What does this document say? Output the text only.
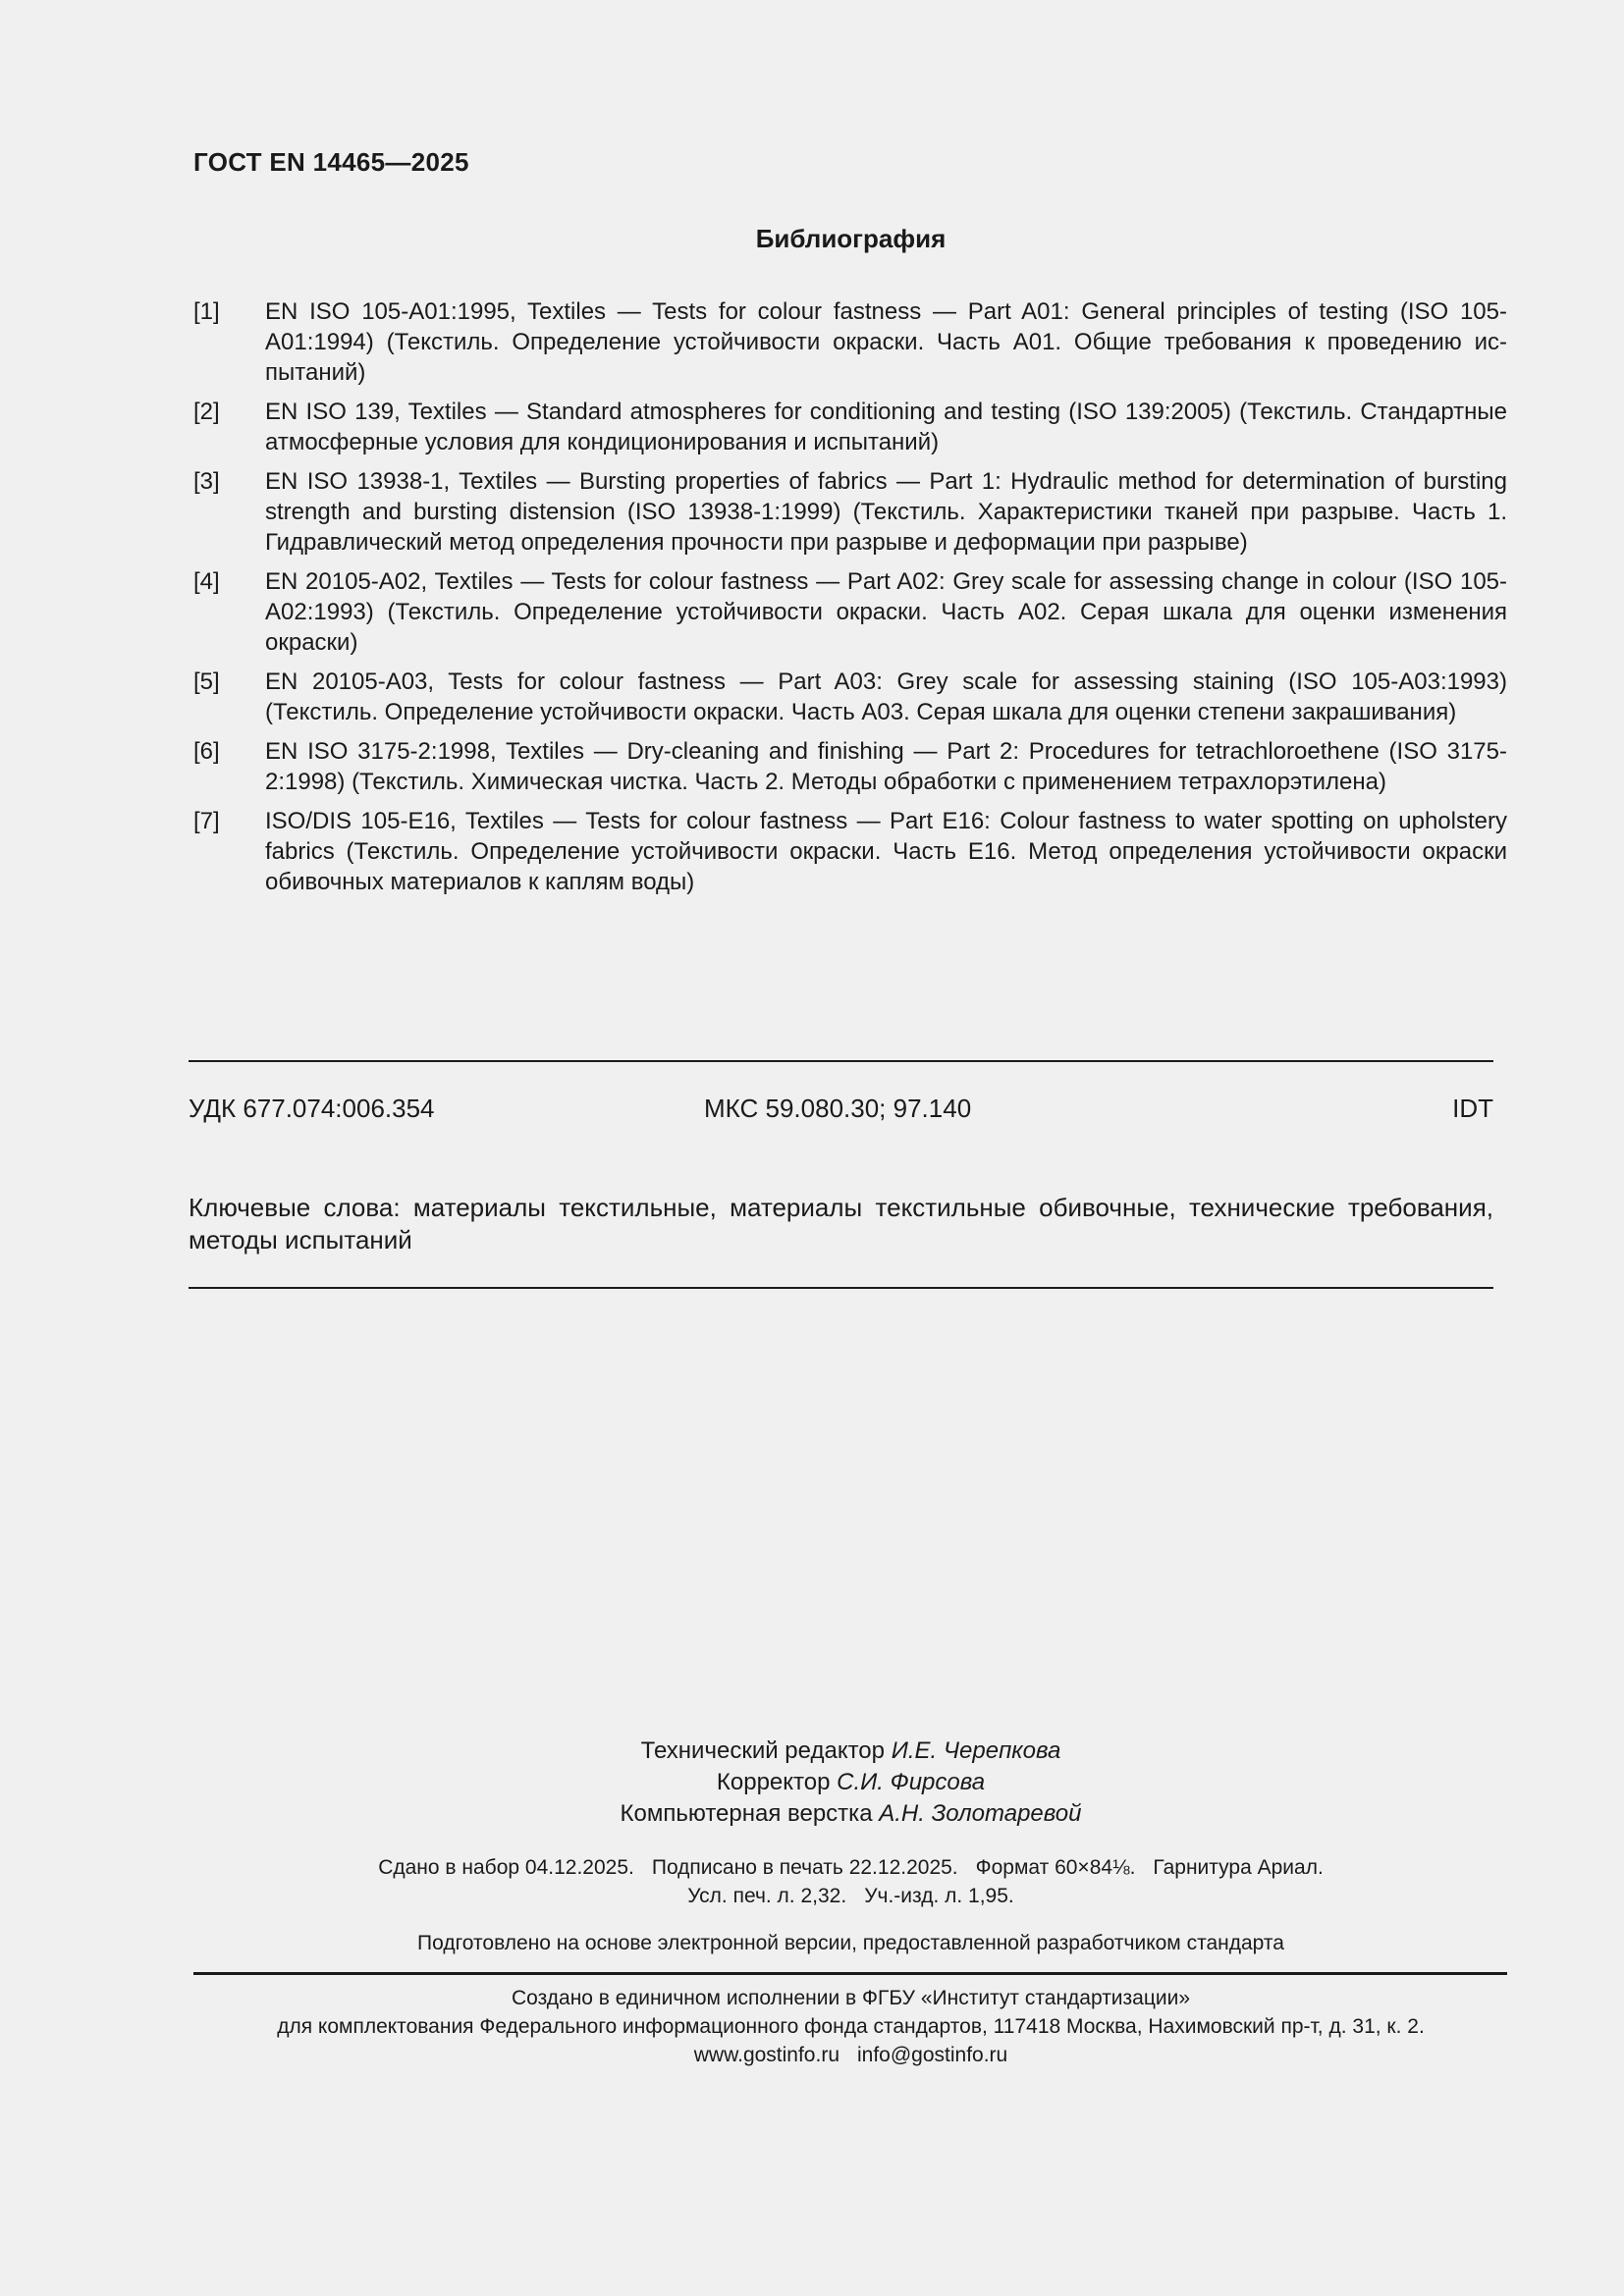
ГОСТ EN 14465—2025
Библиография
[1]	EN ISO 105-A01:1995, Textiles — Tests for colour fastness — Part A01: General principles of testing (ISO 105-A01:1994) (Текстиль. Определение устойчивости окраски. Часть A01. Общие требования к проведению испытаний)
[2]	EN ISO 139, Textiles — Standard atmospheres for conditioning and testing (ISO 139:2005) (Текстиль. Стандартные атмосферные условия для кондиционирования и испытаний)
[3]	EN ISO 13938-1, Textiles — Bursting properties of fabrics — Part 1: Hydraulic method for determination of bursting strength and bursting distension (ISO 13938-1:1999) (Текстиль. Характеристики тканей при разрыве. Часть 1. Гидравлический метод определения прочности при разрыве и деформации при разрыве)
[4]	EN 20105-A02, Textiles — Tests for colour fastness — Part A02: Grey scale for assessing change in colour (ISO 105-A02:1993) (Текстиль. Определение устойчивости окраски. Часть A02. Серая шкала для оценки изменения окраски)
[5]	EN 20105-A03, Tests for colour fastness — Part A03: Grey scale for assessing staining (ISO 105-A03:1993) (Текстиль. Определение устойчивости окраски. Часть A03. Серая шкала для оценки степени закрашивания)
[6]	EN ISO 3175-2:1998, Textiles — Dry-cleaning and finishing — Part 2: Procedures for tetrachloroethene (ISO 3175-2:1998) (Текстиль. Химическая чистка. Часть 2. Методы обработки с применением тетрахлорэтилена)
[7]	ISO/DIS 105-E16, Textiles — Tests for colour fastness — Part E16: Colour fastness to water spotting on upholstery fabrics (Текстиль. Определение устойчивости окраски. Часть E16. Метод определения устойчивости окраски обивочных материалов к каплям воды)
УДК 677.074:006.354	МКС 59.080.30; 97.140	IDT
Ключевые слова: материалы текстильные, материалы текстильные обивочные, технические требования, методы испытаний
Технический редактор И.Е. Черепкова
Корректор С.И. Фирсова
Компьютерная верстка А.Н. Золотаревой
Сдано в набор 04.12.2025. Подписано в печать 22.12.2025. Формат 60×84⅛. Гарнитура Ариал.
Усл. печ. л. 2,32. Уч.-изд. л. 1,95.
Подготовлено на основе электронной версии, предоставленной разработчиком стандарта
Создано в единичном исполнении в ФГБУ «Институт стандартизации»
для комплектования Федерального информационного фонда стандартов, 117418 Москва, Нахимовский пр-т, д. 31, к. 2.
www.gostinfo.ru info@gostinfo.ru
